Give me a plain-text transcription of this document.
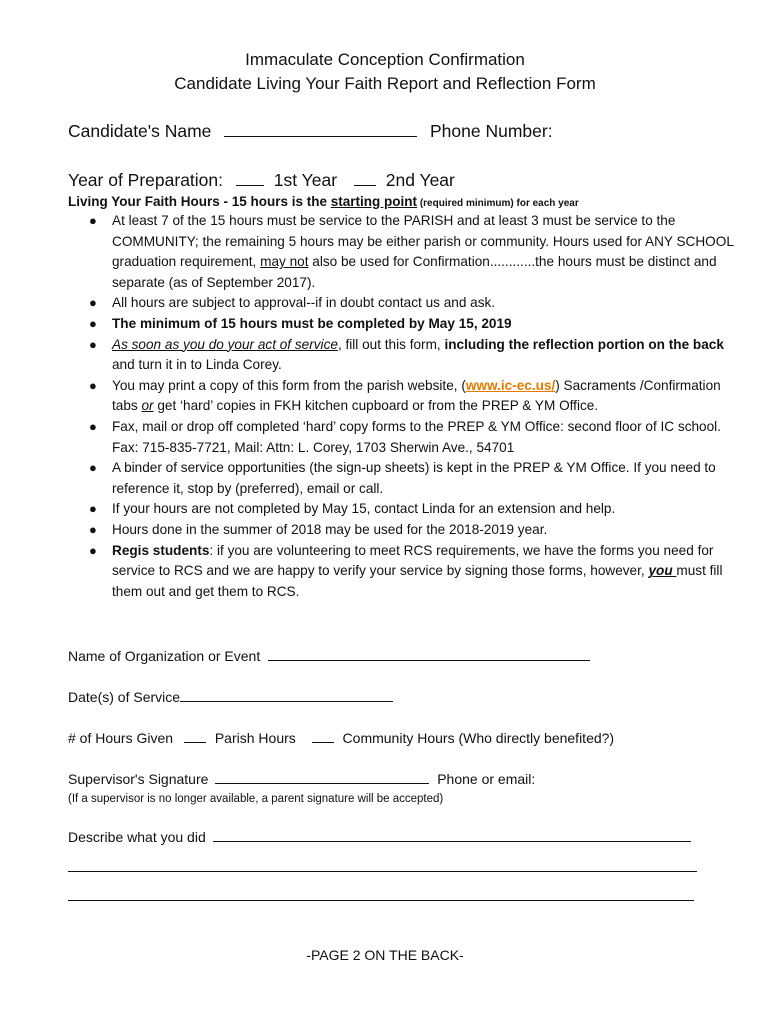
Immaculate Conception Confirmation
Candidate Living Your Faith Report and Reflection Form
Candidate's Name	Phone Number:
Year of Preparation:	1st Year	2nd Year
Living Your Faith Hours - 15 hours is the starting point (required minimum) for each year
● At least 7 of the 15 hours must be service to the PARISH and at least 3 must be service to the COMMUNITY; the remaining 5 hours may be either parish or community. Hours used for ANY SCHOOL graduation requirement, may not also be used for Confirmation............the hours must be distinct and separate (as of September 2017).
● All hours are subject to approval--if in doubt contact us and ask.
● The minimum of 15 hours must be completed by May 15, 2019
● As soon as you do your act of service, fill out this form, including the reflection portion on the back and turn it in to Linda Corey.
● You may print a copy of this form from the parish website, (www.ic-ec.us/) Sacraments /Confirmation tabs or get ‘hard’ copies in FKH kitchen cupboard or from the PREP & YM Office.
● Fax, mail or drop off completed ‘hard’ copy forms to the PREP & YM Office: second floor of IC school. Fax: 715-835-7721, Mail: Attn: L. Corey, 1703 Sherwin Ave., 54701
● A binder of service opportunities (the sign-up sheets) is kept in the PREP & YM Office. If you need to reference it, stop by (preferred), email or call.
● If your hours are not completed by May 15, contact Linda for an extension and help.
● Hours done in the summer of 2018 may be used for the 2018-2019 year.
● Regis students: if you are volunteering to meet RCS requirements, we have the forms you need for service to RCS and we are happy to verify your service by signing those forms, however, you must fill them out and get them to RCS.
Name of Organization or Event
Date(s) of Service
# of Hours Given	Parish Hours	Community Hours (Who directly benefited?)
Supervisor's Signature	Phone or email:
(If a supervisor is no longer available, a parent signature will be accepted)
Describe what you did
-PAGE 2 ON THE BACK-
